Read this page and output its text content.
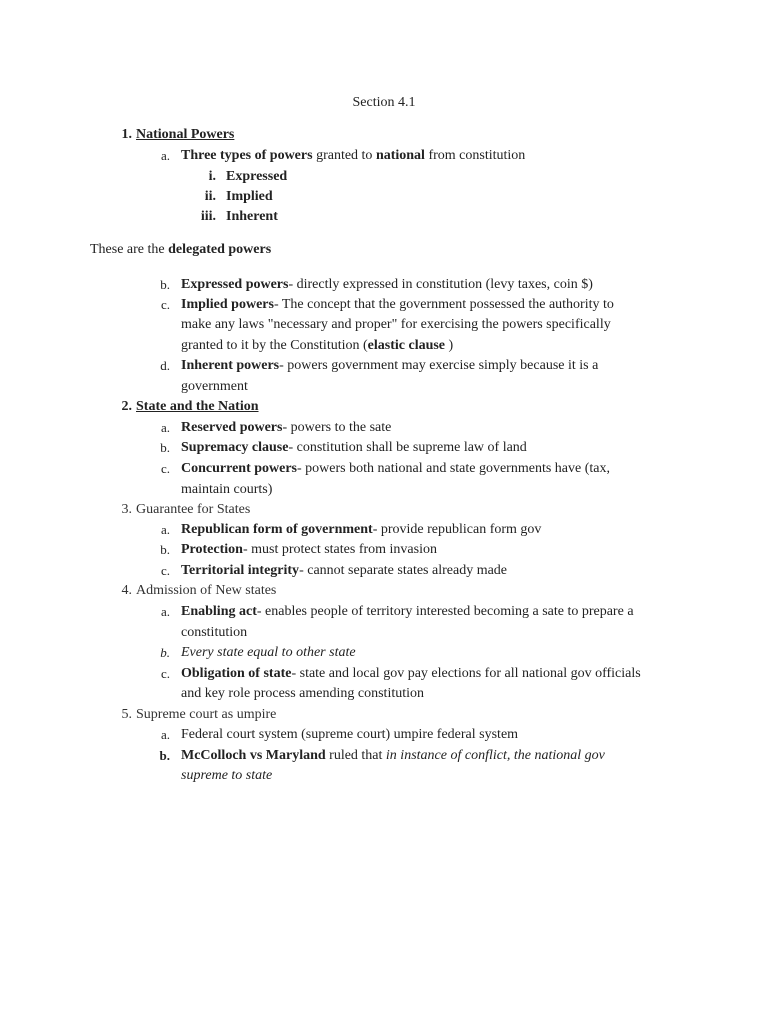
Section 4.1
1. National Powers
a. Three types of powers granted to national from constitution
i. Expressed
ii. Implied
iii. Inherent
These are the delegated powers
b. Expressed powers- directly expressed in constitution (levy taxes, coin $)
c. Implied powers- The concept that the government possessed the authority to
make any laws "necessary and proper" for exercising the powers specifically
granted to it by the Constitution (elastic clause )
d. Inherent powers- powers government may exercise simply because it is a
government
2. State and the Nation
a. Reserved powers- powers to the sate
b. Supremacy clause- constitution shall be supreme law of land
c. Concurrent powers- powers both national and state governments have (tax,
maintain courts)
3. Guarantee for States
a. Republican form of government- provide republican form gov
b. Protection- must protect states from invasion
c. Territorial integrity- cannot separate states already made
4. Admission of New states
a. Enabling act- enables people of territory interested becoming a sate to prepare a
constitution
b. Every state equal to other state
c. Obligation of state- state and local gov pay elections for all national gov officials
and key role process amending constitution
5. Supreme court as umpire
a. Federal court system (supreme court) umpire federal system
b. McColloch vs Maryland ruled that in instance of conflict, the national gov
supreme to state
